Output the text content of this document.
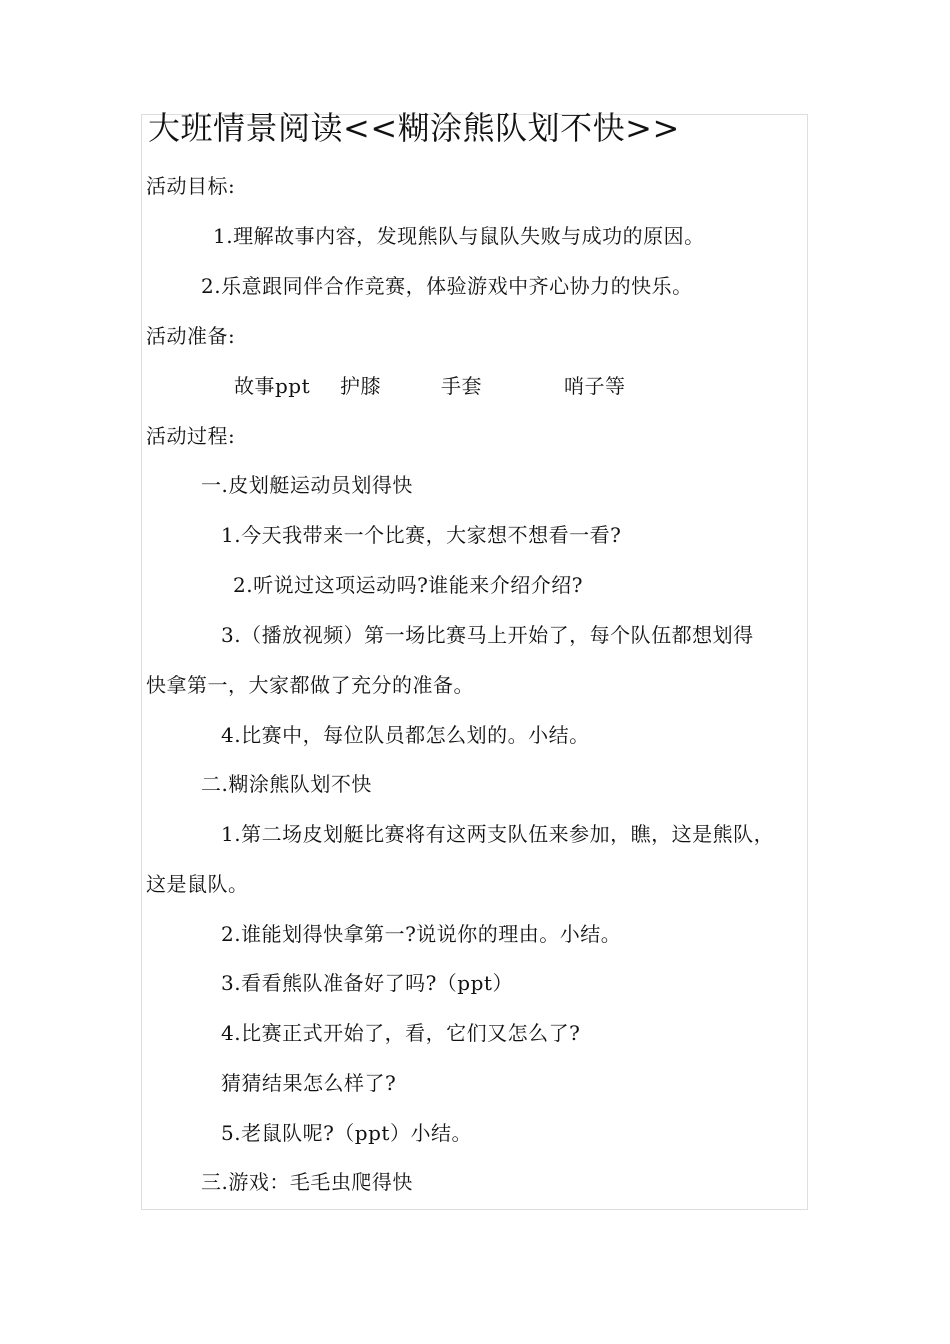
大班情景阅读<<糊涂熊队划不快>>
活动目标:
1.理解故事内容，发现熊队与鼠队失败与成功的原因。
2.乐意跟同伴合作竞赛，体验游戏中齐心协力的快乐。
活动准备:
故事ppt 护膝	手套	哨子等
活动过程:
一.皮划艇运动员划得快
1.今天我带来一个比赛，大家想不想看一看?
2.听说过这项运动吗?谁能来介绍介绍?
3.（播放视频）第一场比赛马上开始了，每个队伍都想划得
快拿第一，大家都做了充分的准备。
4.比赛中，每位队员都怎么划的。小结。
二.糊涂熊队划不快
1.第二场皮划艇比赛将有这两支队伍来参加，瞧，这是熊队，
这是鼠队。
2.谁能划得快拿第一?说说你的理由。小结。
3.看看熊队准备好了吗?（ppt）
4.比赛正式开始了，看，它们又怎么了?
猜猜结果怎么样了?
5.老鼠队呢?（ppt）小结。
三.游戏：毛毛虫爬得快
